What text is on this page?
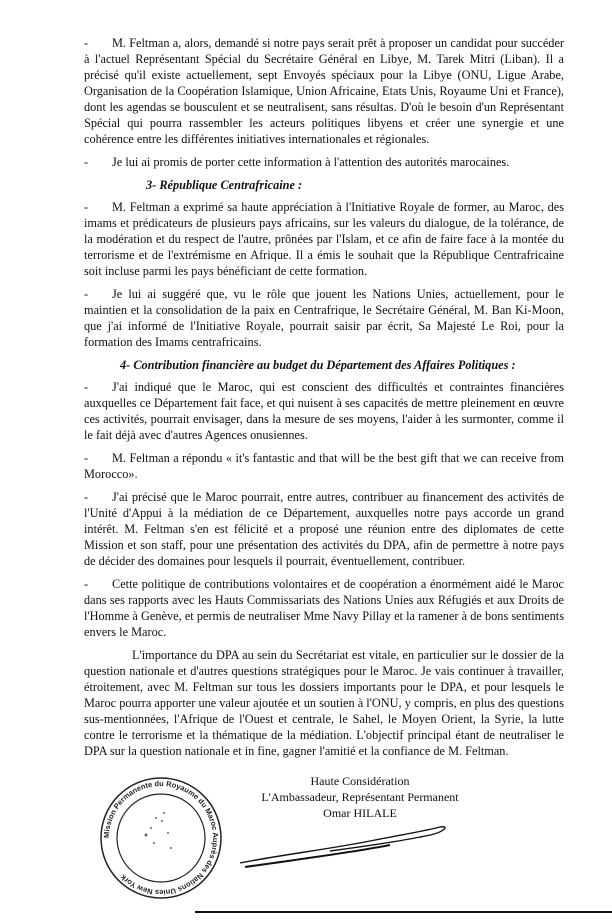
- M. Feltman a, alors, demandé si notre pays serait prêt à proposer un candidat pour succéder à l'actuel Représentant Spécial du Secrétaire Général en Libye, M. Tarek Mitri (Liban). Il a précisé qu'il existe actuellement, sept Envoyés spéciaux pour la Libye (ONU, Ligue Arabe, Organisation de la Coopération Islamique, Union Africaine, Etats Unis, Royaume Uni et France), dont les agendas se bousculent et se neutralisent, sans résultas. D'où le besoin d'un Représentant Spécial qui pourra rassembler les acteurs politiques libyens et créer une synergie et une cohérence entre les différentes initiatives internationales et régionales.

- Je lui ai promis de porter cette information à l'attention des autorités marocaines.

3- République Centrafricaine :

- M. Feltman a exprimé sa haute appréciation à l'Initiative Royale de former, au Maroc, des imams et prédicateurs de plusieurs pays africains, sur les valeurs du dialogue, de la tolérance, de la modération et du respect de l'autre, prônées par l'Islam, et ce afin de faire face à la montée du terrorisme et de l'extrémisme en Afrique. Il a émis le souhait que la République Centrafricaine soit incluse parmi les pays bénéficiant de cette formation.

- Je lui ai suggéré que, vu le rôle que jouent les Nations Unies, actuellement, pour le maintien et la consolidation de la paix en Centrafrique, le Secrétaire Général, M. Ban Ki-Moon, que j'ai informé de l'Initiative Royale, pourrait saisir par écrit, Sa Majesté Le Roi, pour la formation des Imams centrafricains.

4- Contribution financière au budget du Département des Affaires Politiques :

- J'ai indiqué que le Maroc, qui est conscient des difficultés et contraintes financières auxquelles ce Département fait face, et qui nuisent à ses capacités de mettre pleinement en œuvre ces activités, pourrait envisager, dans la mesure de ses moyens, l'aider à les surmonter, comme il le fait déjà avec d'autres Agences onusiennes.

- M. Feltman a répondu « it's fantastic and that will be the best gift that we can receive from Morocco».

- J'ai précisé que le Maroc pourrait, entre autres, contribuer au financement des activités de l'Unité d'Appui à la médiation de ce Département, auxquelles notre pays accorde un grand intérêt. M. Feltman s'en est félicité et a proposé une réunion entre des diplomates de cette Mission et son staff, pour une présentation des activités du DPA, afin de permettre à notre pays de décider des domaines pour lesquels il pourrait, éventuellement, contribuer.

- Cette politique de contributions volontaires et de coopération a énormément aidé le Maroc dans ses rapports avec les Hauts Commissariats des Nations Unies aux Réfugiés et aux Droits de l'Homme à Genève, et permis de neutraliser Mme Navy Pillay et la ramener à de bons sentiments envers le Maroc.

L'importance du DPA au sein du Secrétariat est vitale, en particulier sur le dossier de la question nationale et d'autres questions stratégiques pour le Maroc. Je vais continuer à travailler, étroitement, avec M. Feltman sur tous les dossiers importants pour le DPA, et pour lesquels le Maroc pourra apporter une valeur ajoutée et un soutien à l'ONU, y compris, en plus des questions sus-mentionnées, l'Afrique de l'Ouest et centrale, le Sahel, le Moyen Orient, la Syrie, la lutte contre le terrorisme et la thématique de la médiation. L'objectif principal étant de neutraliser le DPA sur la question nationale et in fine, gagner l'amitié et la confiance de M. Feltman.

Mission Permanente du Royaume du Maroc Auprès des Nations Unies New York
Haute Considération
L'Ambassadeur, Représentant Permanent
Omar HILALE
